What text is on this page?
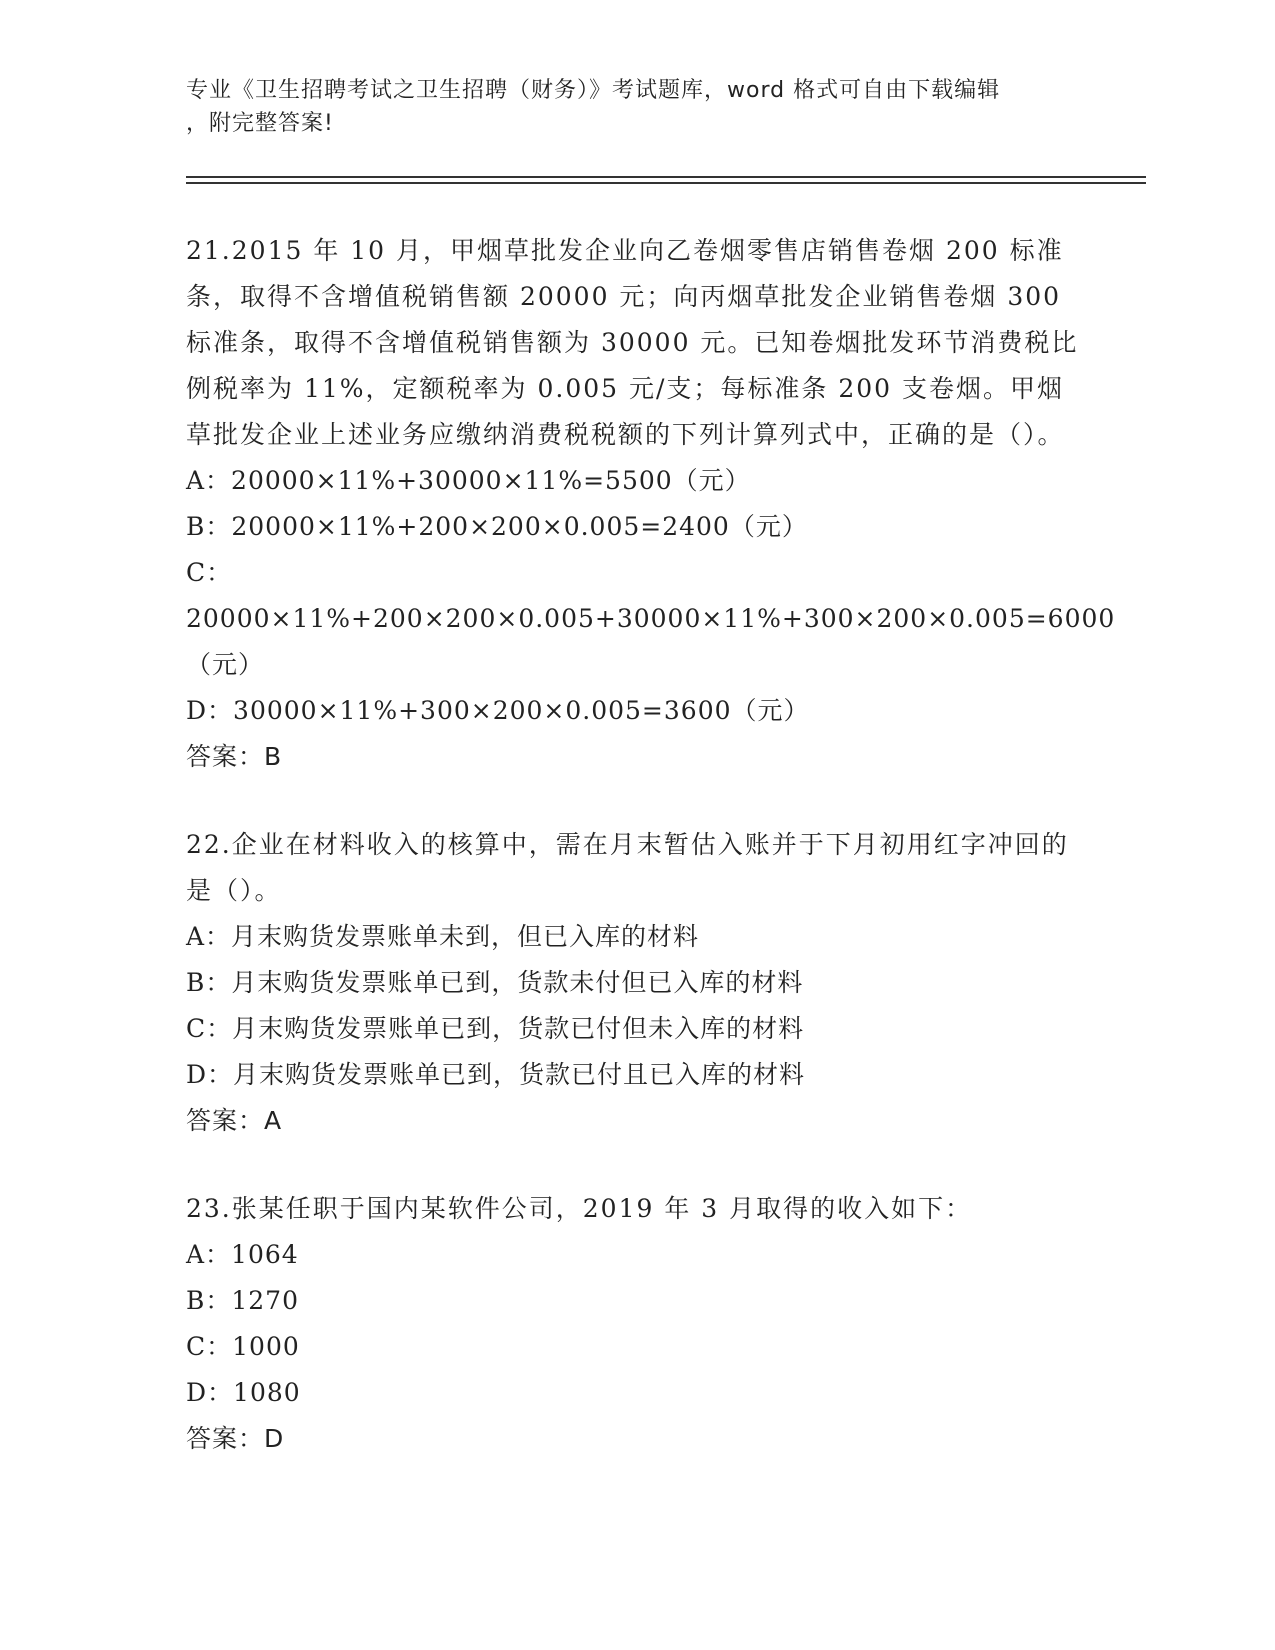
专业《卫生招聘考试之卫生招聘（财务）》考试题库，word 格式可自由下载编辑
，附完整答案!
21.2015 年 10 月，甲烟草批发企业向乙卷烟零售店销售卷烟 200 标准条，取得不含增值税销售额 20000 元；向丙烟草批发企业销售卷烟 300 标准条，取得不含增值税销售额为 30000 元。已知卷烟批发环节消费税比例税率为 11%，定额税率为 0.005 元/支；每标准条 200 支卷烟。甲烟草批发企业上述业务应缴纳消费税税额的下列计算列式中，正确的是（）。
A：20000×11%+30000×11%=5500（元）
B：20000×11%+200×200×0.005=2400（元）
C：20000×11%+200×200×0.005+30000×11%+300×200×0.005=6000（元）
D：30000×11%+300×200×0.005=3600（元）
答案：B
22.企业在材料收入的核算中，需在月末暂估入账并于下月初用红字冲回的是（）。
A：月末购货发票账单未到，但已入库的材料
B：月末购货发票账单已到，货款未付但已入库的材料
C：月末购货发票账单已到，货款已付但未入库的材料
D：月末购货发票账单已到，货款已付且已入库的材料
答案：A
23.张某任职于国内某软件公司，2019 年 3 月取得的收入如下：
A：1064
B：1270
C：1000
D：1080
答案：D
